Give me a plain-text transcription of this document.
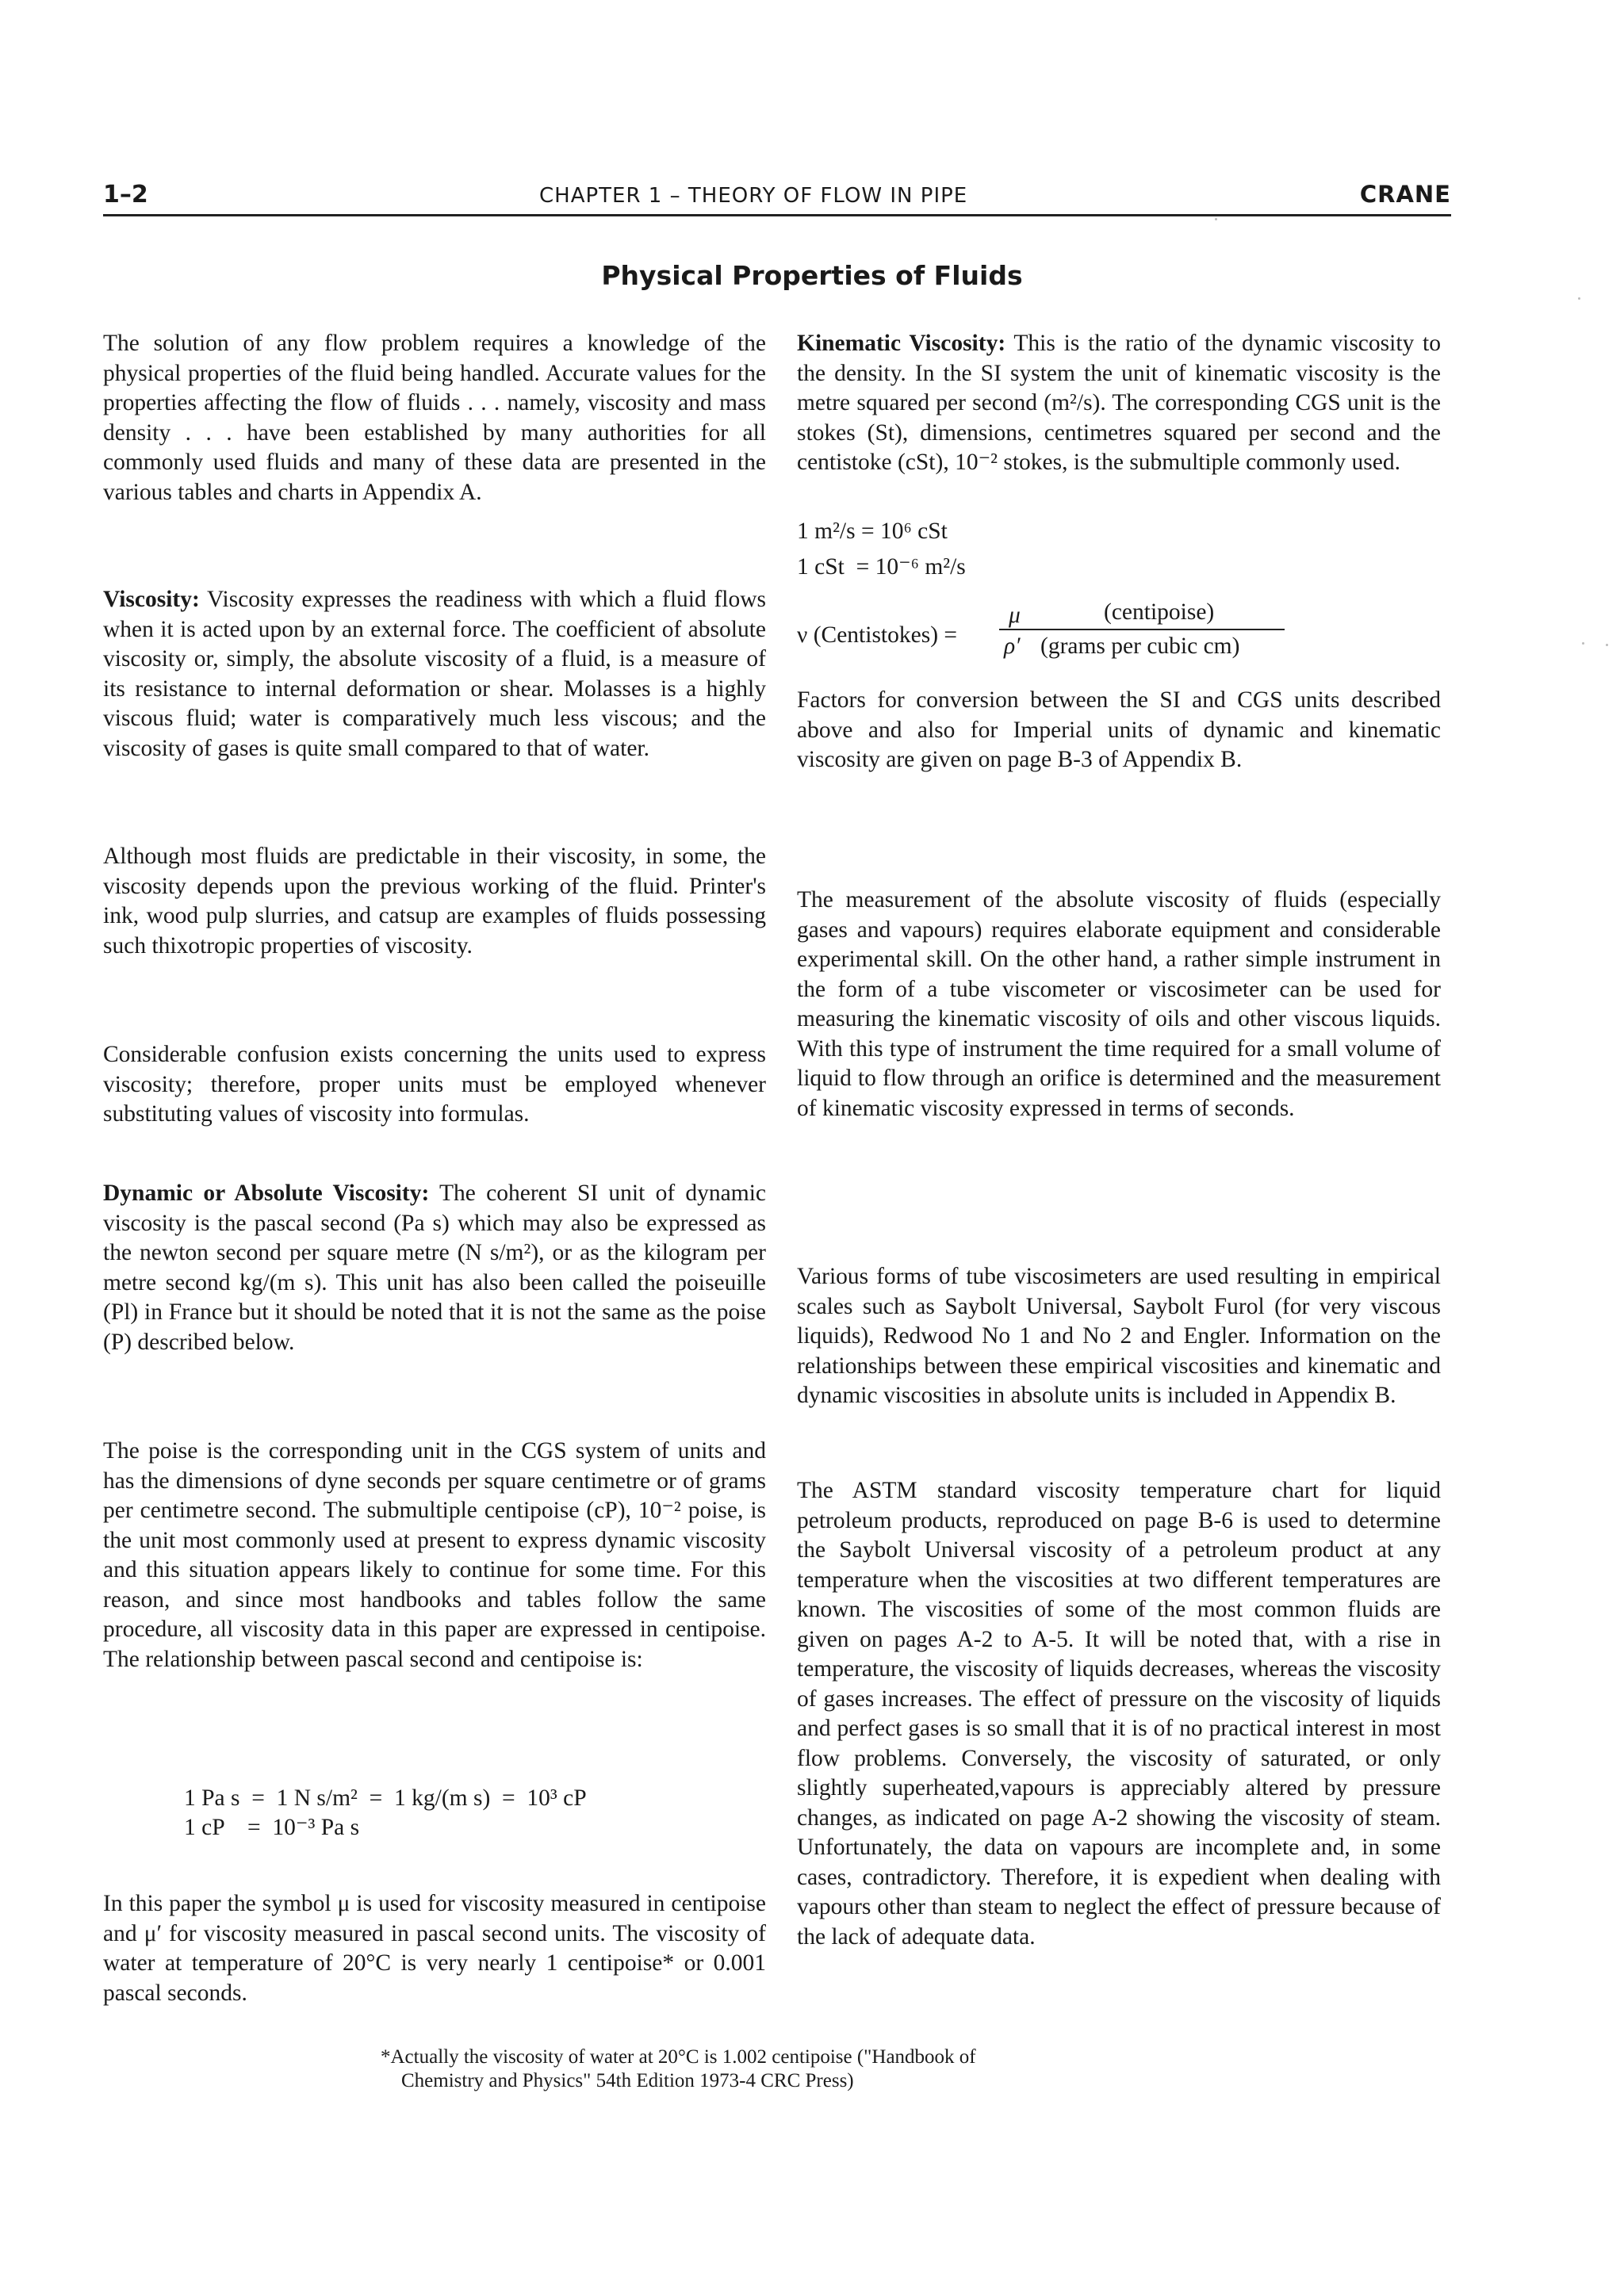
1–2	CHAPTER 1 – THEORY OF FLOW IN PIPE	CRANE
Physical Properties of Fluids

The solution of any flow problem requires a knowledge of the physical properties of the fluid being handled. Accurate values for the properties affecting the flow of fluids . . . namely, viscosity and mass density . . . have been established by many authorities for all commonly used fluids and many of these data are presented in the various tables and charts in Appendix A.

Viscosity: Viscosity expresses the readiness with which a fluid flows when it is acted upon by an external force. The coefficient of absolute viscosity or, simply, the absolute viscosity of a fluid, is a measure of its resistance to internal deformation or shear. Molasses is a highly viscous fluid; water is comparatively much less viscous; and the viscosity of gases is quite small compared to that of water.

Although most fluids are predictable in their viscosity, in some, the viscosity depends upon the previous working of the fluid. Printer's ink, wood pulp slurries, and catsup are examples of fluids possessing such thixotropic properties of viscosity.

Considerable confusion exists concerning the units used to express viscosity; therefore, proper units must be employed whenever substituting values of viscosity into formulas.

Dynamic or Absolute Viscosity: The coherent SI unit of dynamic viscosity is the pascal second (Pa s) which may also be expressed as the newton second per square metre (N s/m²), or as the kilogram per metre second kg/(m s). This unit has also been called the poiseuille (Pl) in France but it should be noted that it is not the same as the poise (P) described below.

The poise is the corresponding unit in the CGS system of units and has the dimensions of dyne seconds per square centimetre or of grams per centimetre second. The submultiple centipoise (cP), 10⁻² poise, is the unit most commonly used at present to express dynamic viscosity and this situation appears likely to continue for some time. For this reason, and since most handbooks and tables follow the same procedure, all viscosity data in this paper are expressed in centipoise. The relationship between pascal second and centipoise is:

1 Pa s  =  1 N s/m²  =  1 kg/(m s)  =  10³ cP
1 cP    =  10⁻³ Pa s

In this paper the symbol μ is used for viscosity measured in centipoise and μ′ for viscosity measured in pascal second units. The viscosity of water at temperature of 20°C is very nearly 1 centipoise* or 0.001 pascal seconds.

Kinematic Viscosity: This is the ratio of the dynamic viscosity to the density. In the SI system the unit of kinematic viscosity is the metre squared per second (m²/s). The corresponding CGS unit is the stokes (St), dimensions, centimetres squared per second and the centistoke (cSt), 10⁻² stokes, is the submultiple commonly used.

1 m²/s = 10⁶ cSt
1 cSt  = 10⁻⁶ m²/s
ν (Centistokes) =
μ	(centipoise)
ρ′ (grams per cubic cm)

Factors for conversion between the SI and CGS units described above and also for Imperial units of dynamic and kinematic viscosity are given on page B-3 of Appendix B.

The measurement of the absolute viscosity of fluids (especially gases and vapours) requires elaborate equipment and considerable experimental skill. On the other hand, a rather simple instrument in the form of a tube viscometer or viscosimeter can be used for measuring the kinematic viscosity of oils and other viscous liquids. With this type of instrument the time required for a small volume of liquid to flow through an orifice is determined and the measurement of kinematic viscosity expressed in terms of seconds.

Various forms of tube viscosimeters are used resulting in empirical scales such as Saybolt Universal, Saybolt Furol (for very viscous liquids), Redwood No 1 and No 2 and Engler. Information on the relationships between these empirical viscosities and kinematic and dynamic viscosities in absolute units is included in Appendix B.

The ASTM standard viscosity temperature chart for liquid petroleum products, reproduced on page B-6 is used to determine the Saybolt Universal viscosity of a petroleum product at any temperature when the viscosities at two different temperatures are known. The viscosities of some of the most common fluids are given on pages A-2 to A-5. It will be noted that, with a rise in temperature, the viscosity of liquids decreases, whereas the viscosity of gases increases. The effect of pressure on the viscosity of liquids and perfect gases is so small that it is of no practical interest in most flow problems. Conversely, the viscosity of saturated, or only slightly superheated,vapours is appreciably altered by pressure changes, as indicated on page A-2 showing the viscosity of steam. Unfortunately, the data on vapours are incomplete and, in some cases, contradictory. Therefore, it is expedient when dealing with vapours other than steam to neglect the effect of pressure because of the lack of adequate data.

*Actually the viscosity of water at 20°C is 1.002 centipoise ("Handbook of
Chemistry and Physics" 54th Edition 1973-4 CRC Press)
